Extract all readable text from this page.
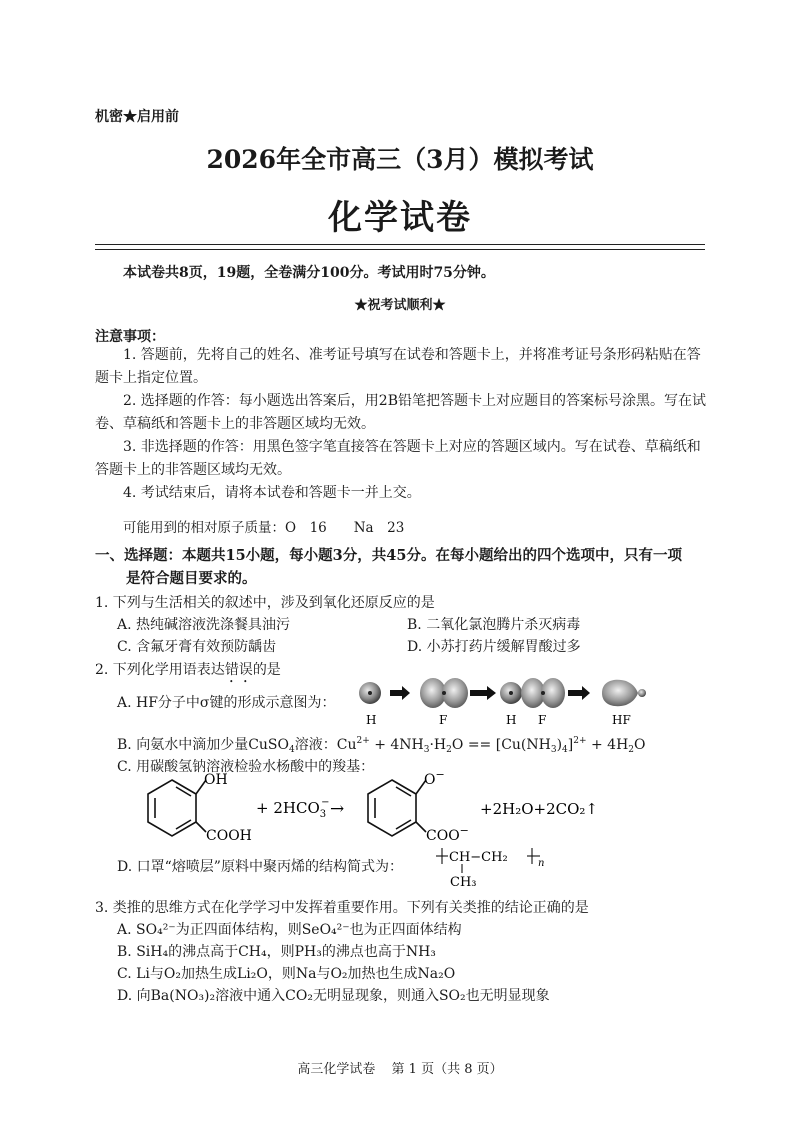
机密★启用前
2026年全市高三（3月）模拟考试
化学试卷
本试卷共8页，19题，全卷满分100分。考试用时75分钟。
★祝考试顺利★
注意事项：
1. 答题前，先将自己的姓名、准考证号填写在试卷和答题卡上，并将准考证号条形码粘贴在答题卡上指定位置。
2. 选择题的作答：每小题选出答案后，用2B铅笔把答题卡上对应题目的答案标号涂黑。写在试卷、草稿纸和答题卡上的非答题区域均无效。
3. 非选择题的作答：用黑色签字笔直接答在答题卡上对应的答题区域内。写在试卷、草稿纸和答题卡上的非答题区域均无效。
4. 考试结束后，请将本试卷和答题卡一并上交。
可能用到的相对原子质量：O　16　　Na　23
一、选择题：本题共15小题，每小题3分，共45分。在每小题给出的四个选项中，只有一项
是符合题目要求的。
1. 下列与生活相关的叙述中，涉及到氧化还原反应的是
A. 热纯碱溶液洗涤餐具油污	B. 二氧化氯泡腾片杀灭病毒
C. 含氟牙膏有效预防龋齿	D. 小苏打药片缓解胃酸过多
2. 下列化学用语表达错误的是
A. HF分子中σ键的形成示意图为：
H	F	H F	HF
B. 向氨水中滴加少量CuSO$_4$溶液：$Cu^{2+} + 4NH_3\cdot H_2O == [Cu(NH_3)_4]^{2+} + 4H_2O$
C. 用碳酸氢钠溶液检验水杨酸中的羧基：
OH
COOH
+ $2HCO_3-$ →
O−
COO−
+2H₂O+2CO₂↑
D. 口罩“熔喷层”原料中聚丙烯的结构简式为：
CH−CH₂	n
CH₃
3. 类推的思维方式在化学学习中发挥着重要作用。下列有关类推的结论正确的是
A. SO₄²⁻为正四面体结构，则SeO₄²⁻也为正四面体结构
B. SiH₄的沸点高于CH₄，则PH₃的沸点也高于NH₃
C. Li与O₂加热生成Li₂O，则Na与O₂加热也生成Na₂O
D. 向Ba(NO₃)₂溶液中通入CO₂无明显现象，则通入SO₂也无明显现象
高三化学试卷 第 1 页（共 8 页）
